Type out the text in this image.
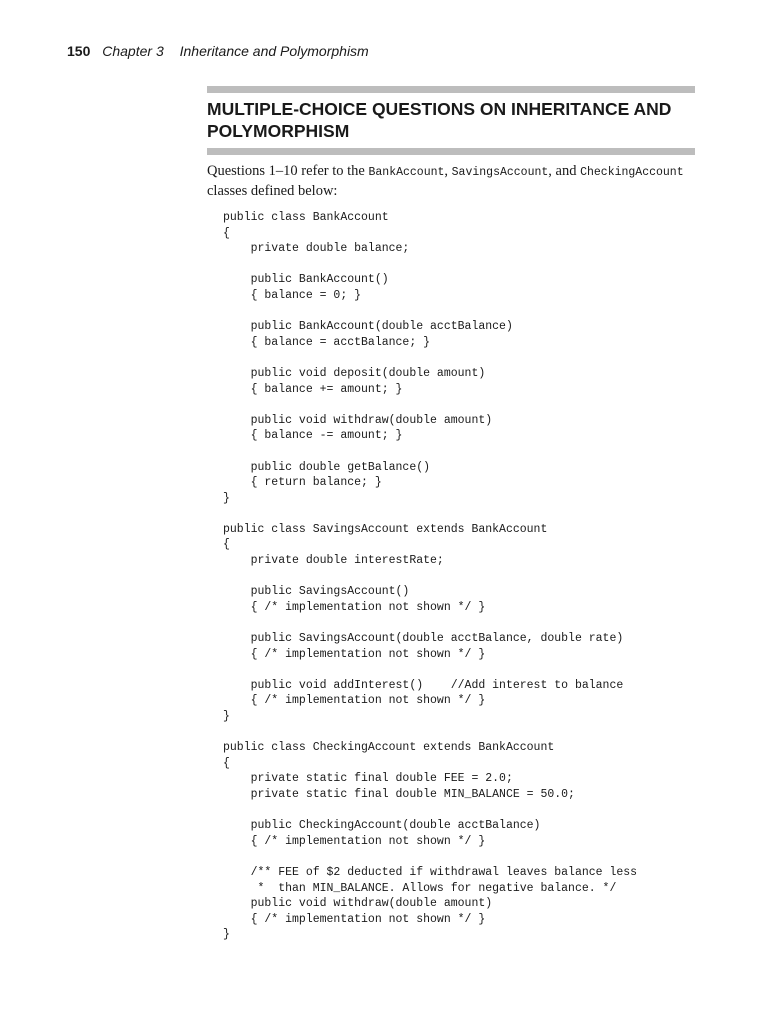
150 Chapter 3 Inheritance and Polymorphism
MULTIPLE-CHOICE QUESTIONS ON INHERITANCE AND POLYMORPHISM

Questions 1–10 refer to the BankAccount, SavingsAccount, and CheckingAccount classes defined below:

public class BankAccount
{
private double balance;

public BankAccount()
{ balance = 0; }

public BankAccount(double acctBalance)
{ balance = acctBalance; }

public void deposit(double amount)
{ balance += amount; }

public void withdraw(double amount)
{ balance -= amount; }

public double getBalance()
{ return balance; }
}

public class SavingsAccount extends BankAccount
{
private double interestRate;

public SavingsAccount()
{ /* implementation not shown */ }

public SavingsAccount(double acctBalance, double rate)
{ /* implementation not shown */ }

public void addInterest()    //Add interest to balance
{ /* implementation not shown */ }
}

public class CheckingAccount extends BankAccount
{
private static final double FEE = 2.0;
private static final double MIN_BALANCE = 50.0;

public CheckingAccount(double acctBalance)
{ /* implementation not shown */ }

/** FEE of $2 deducted if withdrawal leaves balance less
*  than MIN_BALANCE. Allows for negative balance. */
public void withdraw(double amount)
{ /* implementation not shown */ }
}
